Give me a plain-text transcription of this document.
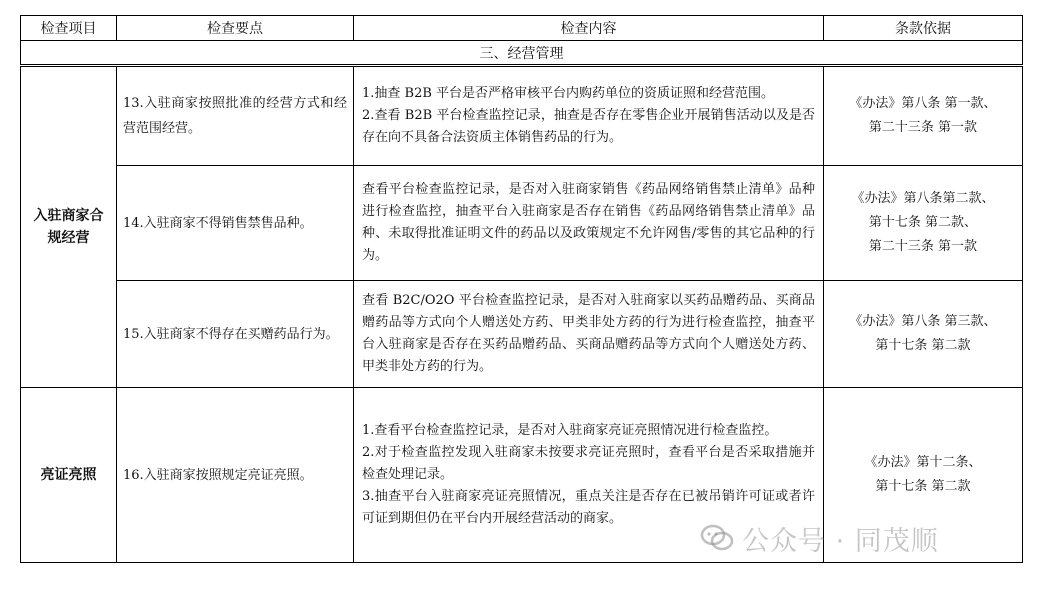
检查项目	检查要点	检查内容	条款依据
三、经营管理			
入驻商家合规经营	13.入驻商家按照批准的经营方式和经营范围经营。	1.抽查 B2B 平台是否严格审核平台内购药单位的资质证照和经营范围。
2.查看 B2B 平台检查监控记录，抽查是否存在零售企业开展销售活动以及是否存在向不具备合法资质主体销售药品的行为。	《办法》第八条 第一款、
第二十三条 第一款

	14.入驻商家不得销售禁售品种。	查看平台检查监控记录，是否对入驻商家销售《药品网络销售禁止清单》品种进行检查监控，抽查平台入驻商家是否存在销售《药品网络销售禁止清单》品种、未取得批准证明文件的药品以及政策规定不允许网售/零售的其它品种的行为。	《办法》第八条第二款、
第十七条 第二款、
第二十三条 第一款

	15.入驻商家不得存在买赠药品行为。	查看 B2C/O2O 平台检查监控记录，是否对入驻商家以买药品赠药品、买商品赠药品等方式向个人赠送处方药、甲类非处方药的行为进行检查监控，抽查平台入驻商家是否存在买药品赠药品、买商品赠药品等方式向个人赠送处方药、甲类非处方药的行为。	《办法》第八条 第三款、
第十七条 第二款

亮证亮照	16.入驻商家按照规定亮证亮照。	1.查看平台检查监控记录，是否对入驻商家亮证亮照情况进行检查监控。
2.对于检查监控发现入驻商家未按要求亮证亮照时，查看平台是否采取措施并检查处理记录。
3.抽查平台入驻商家亮证亮照情况，重点关注是否存在已被吊销许可证或者许可证到期但仍在平台内开展经营活动的商家。	《办法》第十二条、
第十七条 第二款
公众号 · 同茂顺
